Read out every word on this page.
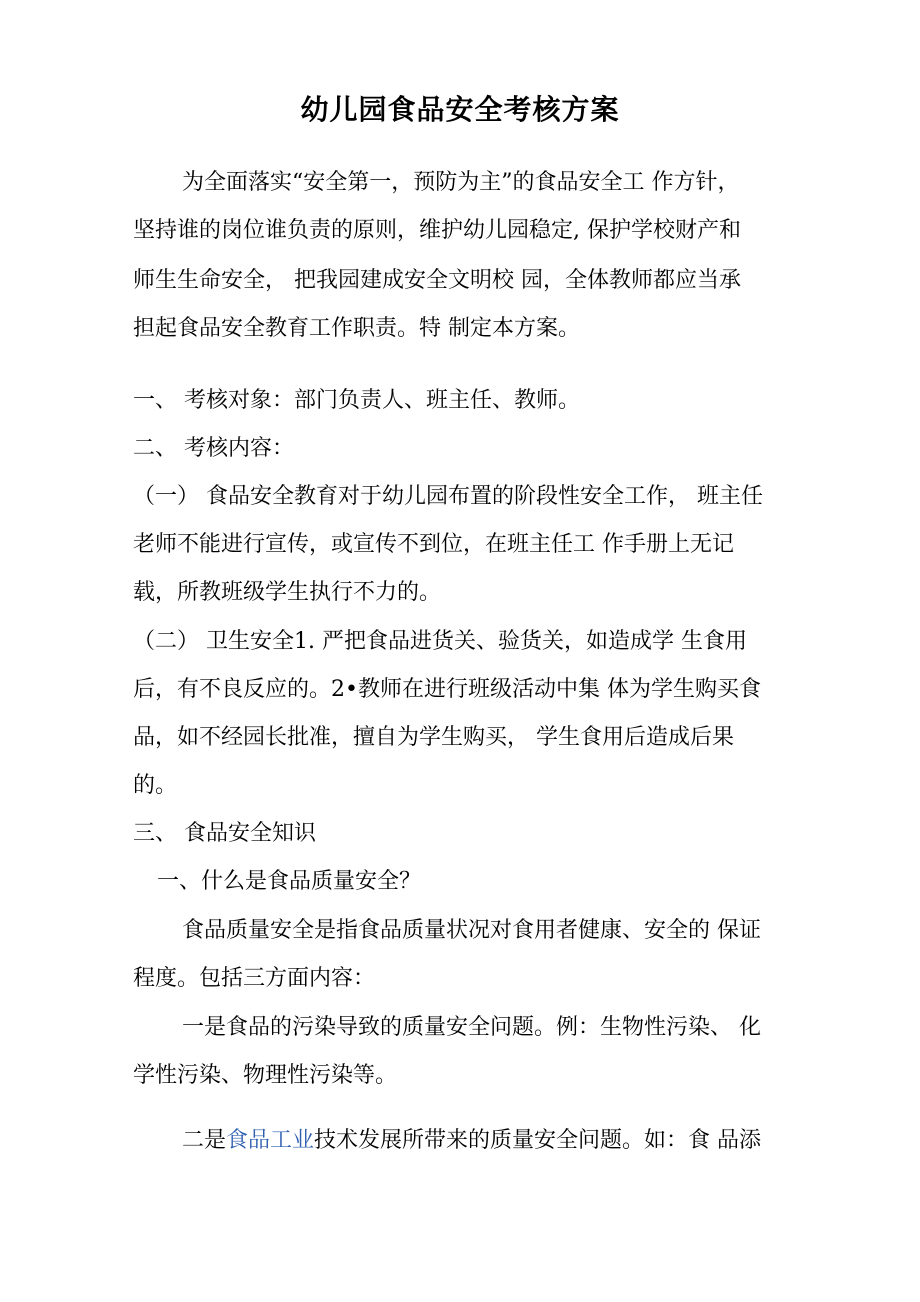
幼儿园食品安全考核方案
为全面落实“安全第一，预防为主”的食品安全工 作方针，
坚持谁的岗位谁负责的原则，维护幼儿园稳定, 保护学校财产和
师生生命安全， 把我园建成安全文明校 园，全体教师都应当承
担起食品安全教育工作职责。特 制定本方案。
一、 考核对象：部门负责人、班主任、教师。
二、 考核内容：
（一） 食品安全教育对于幼儿园布置的阶段性安全工作， 班主任
老师不能进行宣传，或宣传不到位，在班主任工 作手册上无记
载，所教班级学生执行不力的。
（二） 卫生安全1. 严把食品进货关、验货关，如造成学 生食用
后，有不良反应的。2•教师在进行班级活动中集 体为学生购买食
品，如不经园长批准，擅自为学生购买， 学生食用后造成后果
的。
三、 食品安全知识
一、什么是食品质量安全？
食品质量安全是指食品质量状况对食用者健康、安全的 保证
程度。包括三方面内容：
一是食品的污染导致的质量安全问题。例：生物性污染、 化
学性污染、物理性污染等。
二是食品工业技术发展所带来的质量安全问题。如：食 品添
